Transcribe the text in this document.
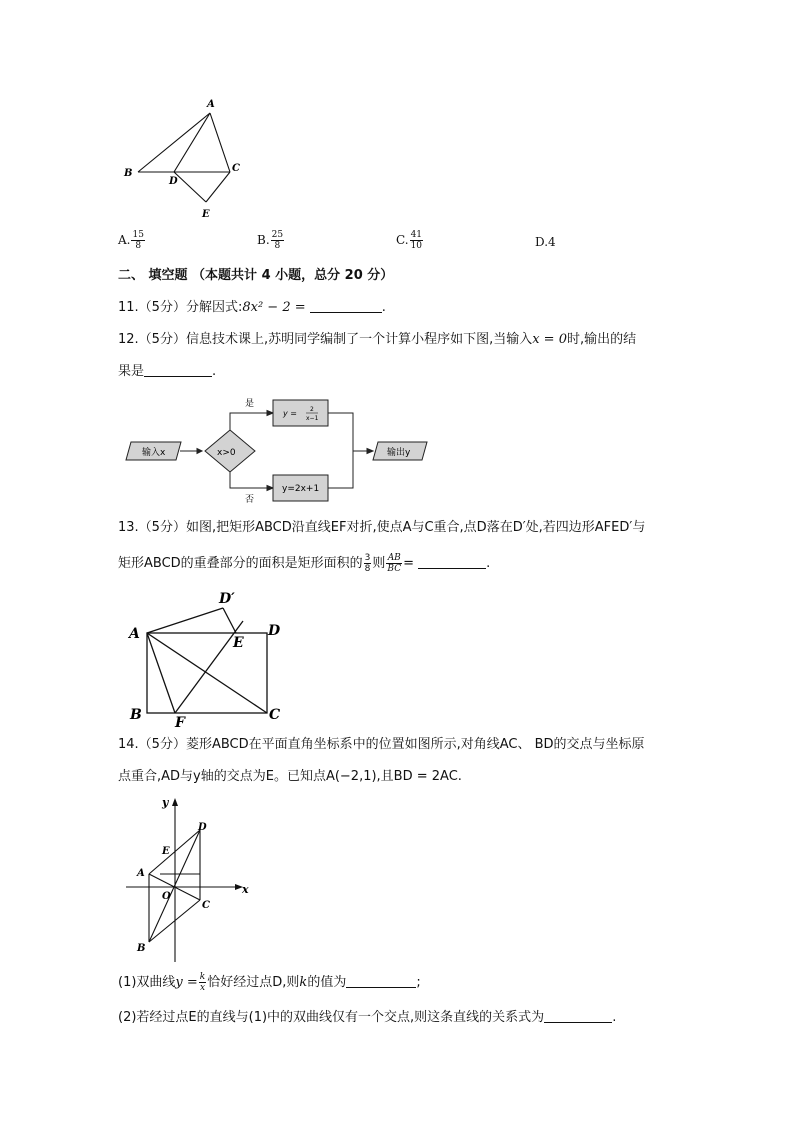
A
B	C
D
E
A. $\frac{15}{8}$	B. $\frac{25}{8}$	C. $\frac{41}{10}$	D.4
二、 填空题 （本题共计 4 小题，总分 20 分）
11.（5分）分解因式:8x² − 2 =	.
12.（5分）信息技术课上,苏明同学编制了一个计算小程序如下图,当输入x = 0时,输出的结
果是	.
输入x	x>0
是
否
y = 2
x−1
y=2x+1
输出y
13.（5分）如图,把矩形ABCD沿直线EF对折,使点A与C重合,点D落在D′处,若四边形AFED′与
矩形ABCD的重叠部分的面积是矩形面积的 $\frac{3}{8}$ 则 $\frac{AB}{BC}$ =	.
A
B	C
D
D′
E
F
14.（5分）菱形ABCD在平面直角坐标系中的位置如图所示,对角线AC、 BD的交点与坐标原
点重合,AD与y轴的交点为E。已知点A(−2,1),且BD = 2AC.
y
x
D
E
A
O
C
B
(1)双曲线$y = \frac{k}{x}$ 恰好经过点D,则k的值为	;
(2)若经过点E的直线与(1)中的双曲线仅有一个交点,则这条直线的关系式为	.
